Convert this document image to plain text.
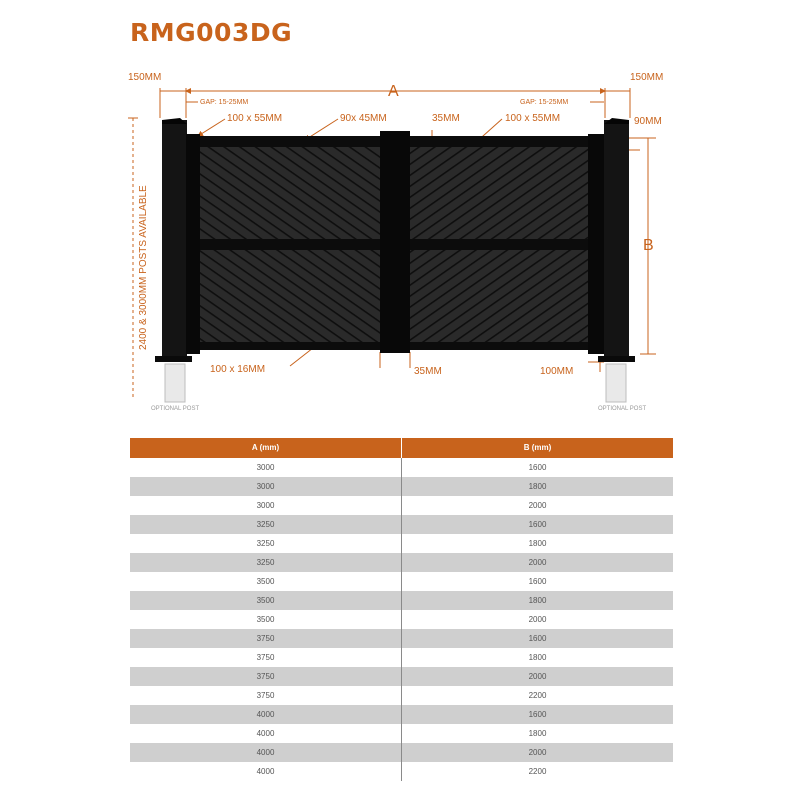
RMG003DG
150MM	150MM
A
GAP: 15-25MM	GAP: 15-25MM
100 x 55MM	90x 45MM	35MM	100 x 55MM	90MM
B
2400 & 3000MM POSTS AVAILABLE
100 x 16MM	35MM	100MM
OPTIONAL POST	OPTIONAL POST
A (mm)	B (mm)
3000	1600
3000	1800
3000	2000
3250	1600
3250	1800
3250	2000
3500	1600
3500	1800
3500	2000
3750	1600
3750	1800
3750	2000
3750	2200
4000	1600
4000	1800
4000	2000
4000	2200
